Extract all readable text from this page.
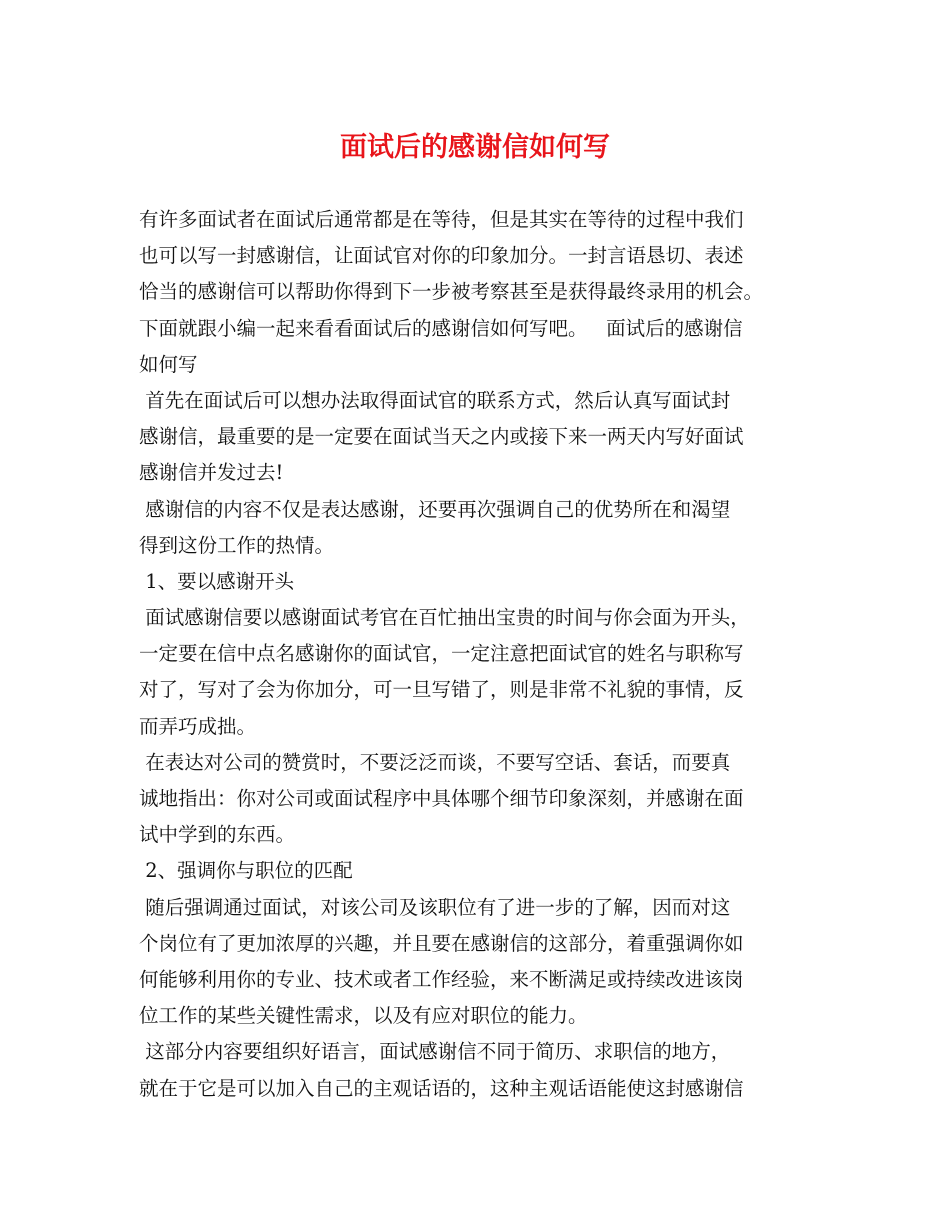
面试后的感谢信如何写
有许多面试者在面试后通常都是在等待，但是其实在等待的过程中我们
也可以写一封感谢信，让面试官对你的印象加分。一封言语恳切、表述
恰当的感谢信可以帮助你得到下一步被考察甚至是获得最终录用的机会。
下面就跟小编一起来看看面试后的感谢信如何写吧。   面试后的感谢信
如何写
首先在面试后可以想办法取得面试官的联系方式，然后认真写面试封
感谢信，最重要的是一定要在面试当天之内或接下来一两天内写好面试
感谢信并发过去!
感谢信的内容不仅是表达感谢，还要再次强调自己的优势所在和渴望
得到这份工作的热情。
1、要以感谢开头
面试感谢信要以感谢面试考官在百忙抽出宝贵的时间与你会面为开头，
一定要在信中点名感谢你的面试官，一定注意把面试官的姓名与职称写
对了，写对了会为你加分，可一旦写错了，则是非常不礼貌的事情，反
而弄巧成拙。
在表达对公司的赞赏时，不要泛泛而谈，不要写空话、套话，而要真
诚地指出：你对公司或面试程序中具体哪个细节印象深刻，并感谢在面
试中学到的东西。
2、强调你与职位的匹配
随后强调通过面试，对该公司及该职位有了进一步的了解，因而对这
个岗位有了更加浓厚的兴趣，并且要在感谢信的这部分，着重强调你如
何能够利用你的专业、技术或者工作经验，来不断满足或持续改进该岗
位工作的某些关键性需求，以及有应对职位的能力。
这部分内容要组织好语言，面试感谢信不同于简历、求职信的地方，
就在于它是可以加入自己的主观话语的，这种主观话语能使这封感谢信
